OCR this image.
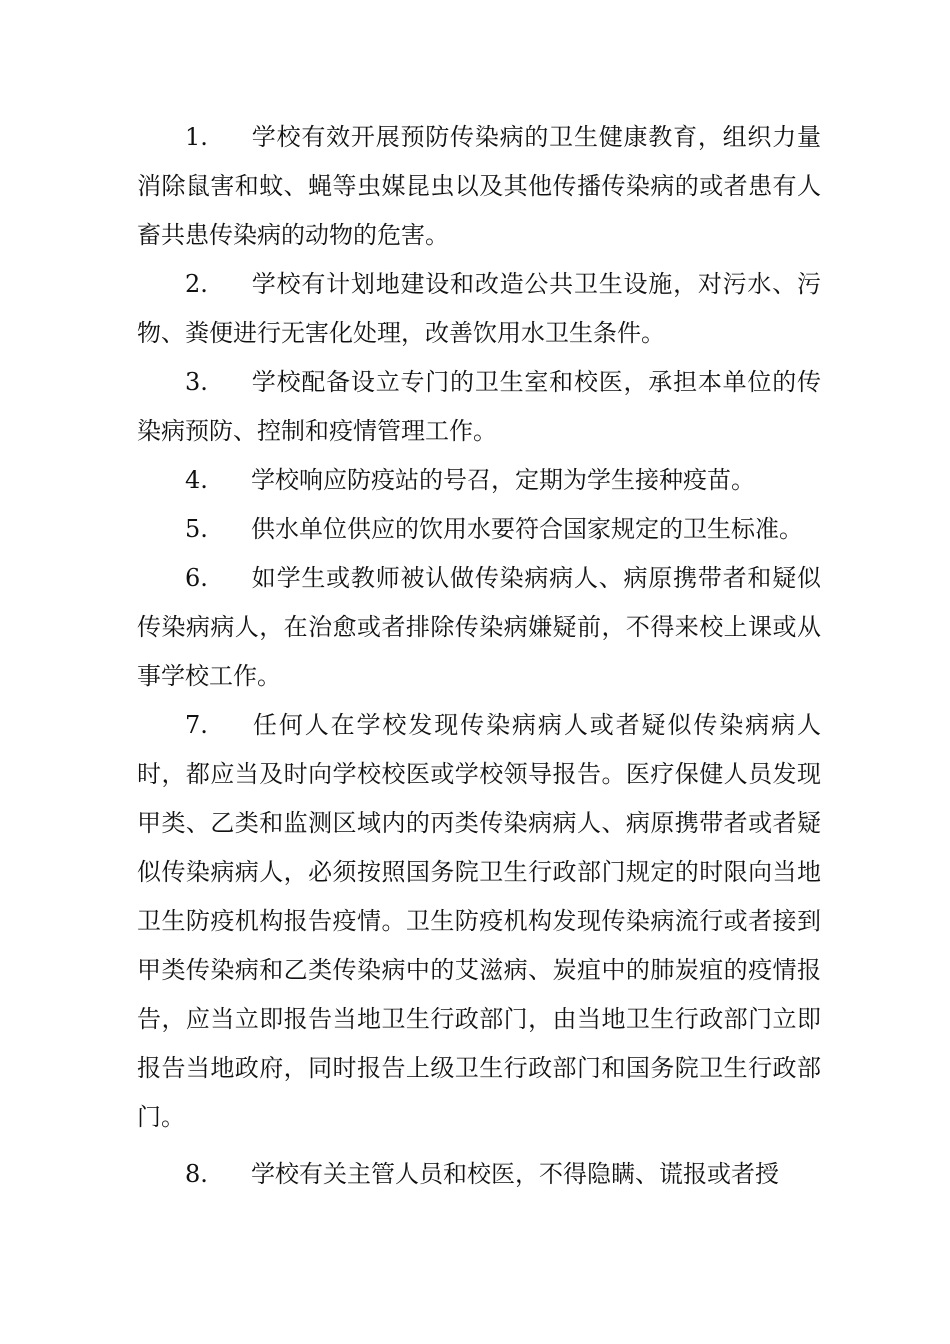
1. 学校有效开展预防传染病的卫生健康教育，组织力量消除鼠害和蚊、蝇等虫媒昆虫以及其他传播传染病的或者患有人畜共患传染病的动物的危害。

2. 学校有计划地建设和改造公共卫生设施，对污水、污物、粪便进行无害化处理，改善饮用水卫生条件。

3. 学校配备设立专门的卫生室和校医，承担本单位的传染病预防、控制和疫情管理工作。

4. 学校响应防疫站的号召，定期为学生接种疫苗。

5. 供水单位供应的饮用水要符合国家规定的卫生标准。

6. 如学生或教师被认做传染病病人、病原携带者和疑似传染病病人，在治愈或者排除传染病嫌疑前，不得来校上课或从事学校工作。

7. 任何人在学校发现传染病病人或者疑似传染病病人时，都应当及时向学校校医或学校领导报告。医疗保健人员发现甲类、乙类和监测区域内的丙类传染病病人、病原携带者或者疑似传染病病人，必须按照国务院卫生行政部门规定的时限向当地卫生防疫机构报告疫情。卫生防疫机构发现传染病流行或者接到甲类传染病和乙类传染病中的艾滋病、炭疽中的肺炭疽的疫情报告，应当立即报告当地卫生行政部门，由当地卫生行政部门立即报告当地政府，同时报告上级卫生行政部门和国务院卫生行政部门。

8. 学校有关主管人员和校医，不得隐瞒、谎报或者授
